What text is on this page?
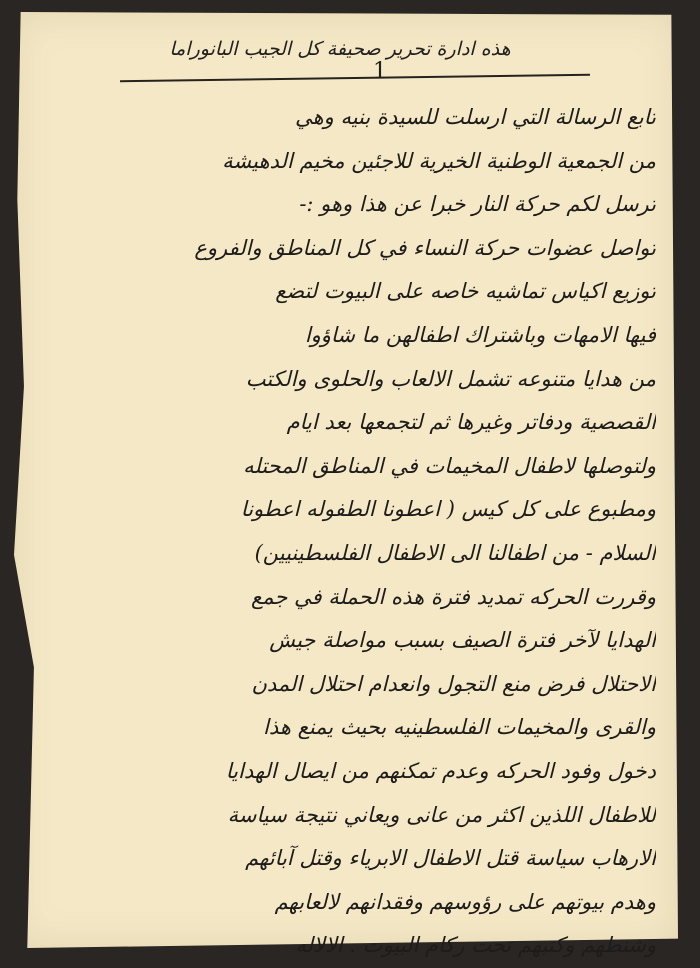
هذه ادارة تحرير صحيفة كل الجيب البانوراما
1
تابع الرسالة التي ارسلت للسيدة بنيه وهي
من الجمعية الوطنية الخيرية للاجئين مخيم الدهيشة
ترسل لكم حركة النار خبرا عن هذا وهو :-
تواصل عضوات حركة النساء في كل المناطق والفروع
توزيع اكياس تماشيه خاصه على البيوت لتضع
فيها الامهات وباشتراك اطفالهن ما شاؤوا
من هدايا متنوعه تشمل الالعاب والحلوى والكتب
القصصية ودفاتر وغيرها ثم لتجمعها بعد ايام
ولتوصلها لاطفال المخيمات في المناطق المحتله
ومطبوع على كل كيس ( اعطونا الطفوله اعطونا
السلام - من اطفالنا الى الاطفال الفلسطينيين)
وقررت الحركه تمديد فترة هذه الحملة في جمع
الهدايا لآخر فترة الصيف بسبب مواصلة جيش
الاحتلال فرض منع التجول وانعدام احتلال المدن
والقرى والمخيمات الفلسطينيه بحيث يمنع هذا
دخول وفود الحركه وعدم تمكنهم من ايصال الهدايا
للاطفال اللذين اكثر من عانى ويعاني نتيجة سياسة
الارهاب سياسة قتل الاطفال الابرياء وقتل آبائهم
وهدم بيوتهم على رؤوسهم وفقدانهم لالعابهم
وشنطهم وكتبهم تحت ركام البيوت . الالاله
